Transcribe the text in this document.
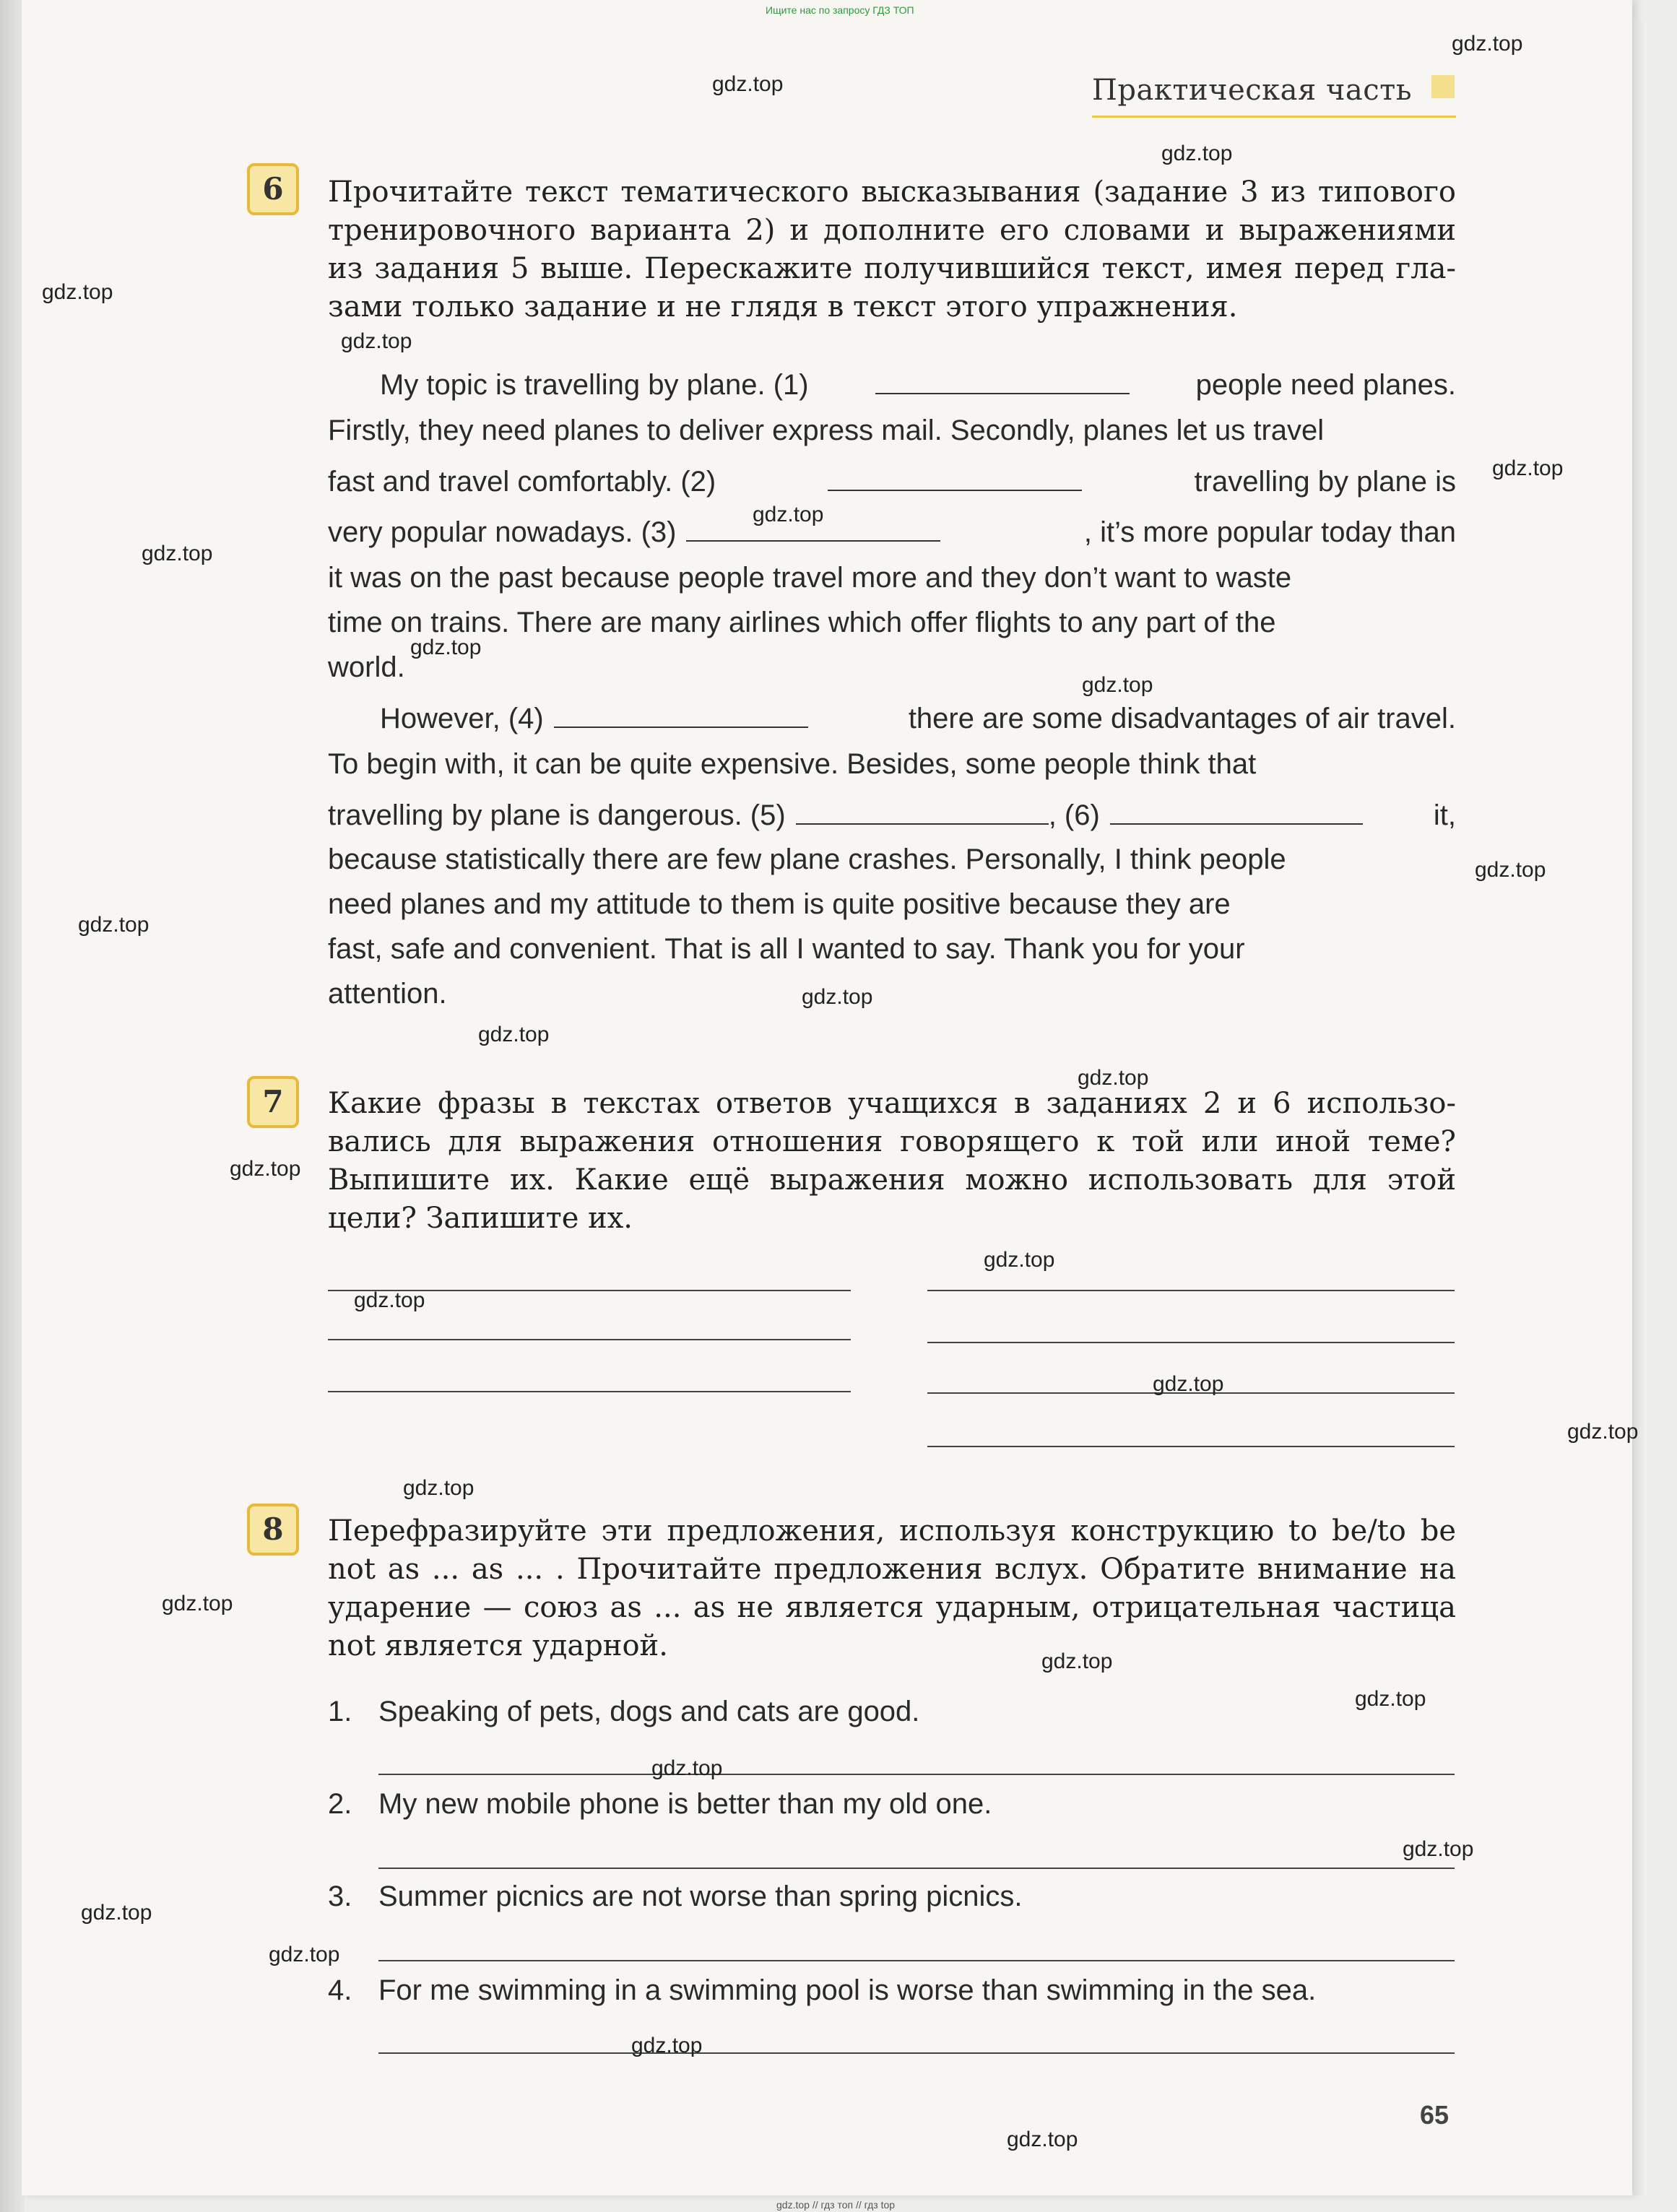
Ищите нас по запросу ГДЗ ТОП
Практическая часть
6	Прочитайте текст тематического высказывания (задание 3 из типового
тренировочного варианта 2) и дополните его словами и выражениями
из задания 5 выше. Перескажите получившийся текст, имея перед гла-
зами только задание и не глядя в текст этого упражнения.
My topic is travelling by plane. (1)	people need planes.
Firstly, they need planes to deliver express mail. Secondly, planes let us travel
fast and travel comfortably. (2)	travelling by plane is
very popular nowadays. (3)	, it’s more popular today than
it was on the past because people travel more and they don’t want to waste
time on trains. There are many airlines which offer flights to any part of the
world.
However, (4)	there are some disadvantages of air travel.
To begin with, it can be quite expensive. Besides, some people think that
travelling by plane is dangerous. (5)	, (6)	it,
because statistically there are few plane crashes. Personally, I think people
need planes and my attitude to them is quite positive because they are
fast, safe and convenient. That is all I wanted to say. Thank you for your
attention.
7	Какие фразы в текстах ответов учащихся в заданиях 2 и 6 использо-
вались для выражения отношения говорящего к той или иной теме?
Выпишите их. Какие ещё выражения можно использовать для этой
цели? Запишите их.
8	Перефразируйте эти предложения, используя конструкцию to be/to be
not as ... as ... . Прочитайте предложения вслух. Обратите внимание на
ударение — союз as ... as не является ударным, отрицательная частица
not является ударной.
1. Speaking of pets, dogs and cats are good.
2. My new mobile phone is better than my old one.
3. Summer picnics are not worse than spring picnics.
4. For me swimming in a swimming pool is worse than swimming in the sea.
65
gdz.top // гдз топ // гдз top
gdz.top
gdz.top
gdz.top
gdz.top
gdz.top
gdz.top
gdz.top
gdz.top
gdz.top
gdz.top
gdz.top
gdz.top
gdz.top
gdz.top
gdz.top
gdz.top
gdz.top
gdz.top
gdz.top
gdz.top
gdz.top
gdz.top
gdz.top
gdz.top
gdz.top
gdz.top
gdz.top
gdz.top
gdz.top
gdz.top
